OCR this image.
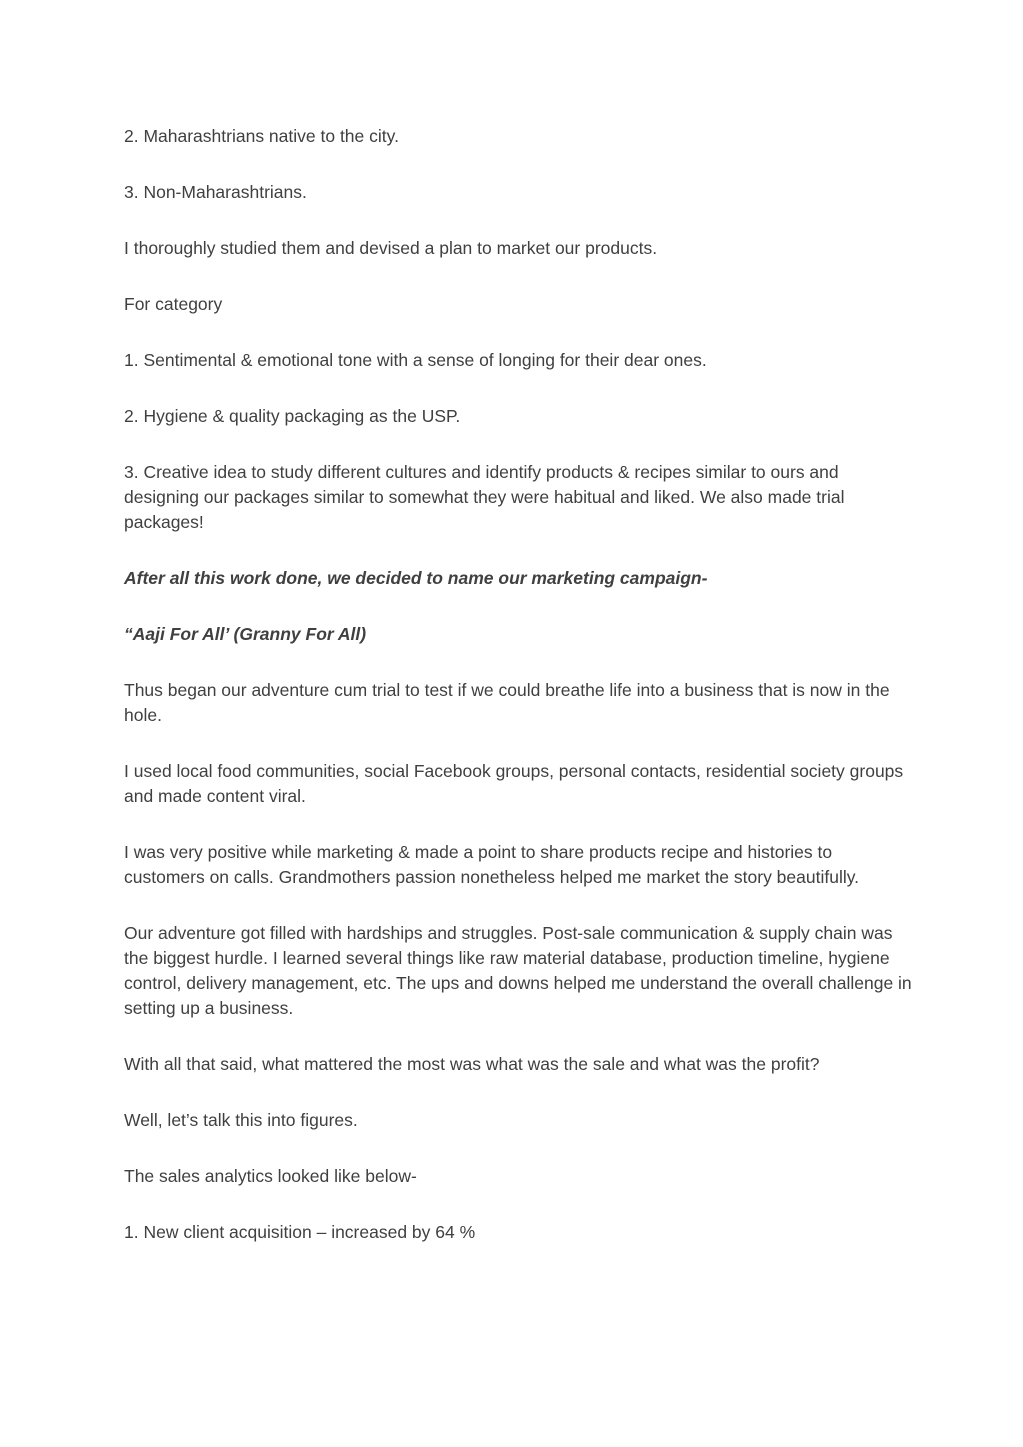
2. Maharashtrians native to the city.

3. Non-Maharashtrians.

I thoroughly studied them and devised a plan to market our products.

For category

1. Sentimental & emotional tone with a sense of longing for their dear ones.

2. Hygiene & quality packaging as the USP.

3. Creative idea to study different cultures and identify products & recipes similar to ours and designing our packages similar to somewhat they were habitual and liked. We also made trial packages!

After all this work done, we decided to name our marketing campaign-

“Aaji For All’ (Granny For All)

Thus began our adventure cum trial to test if we could breathe life into a business that is now in the hole.

I used local food communities, social Facebook groups, personal contacts, residential society groups and made content viral.

I was very positive while marketing & made a point to share products recipe and histories to customers on calls. Grandmothers passion nonetheless helped me market the story beautifully.

Our adventure got filled with hardships and struggles. Post-sale communication & supply chain was the biggest hurdle. I learned several things like raw material database, production timeline, hygiene control, delivery management, etc. The ups and downs helped me understand the overall challenge in setting up a business.

With all that said, what mattered the most was what was the sale and what was the profit?

Well, let’s talk this into figures.

The sales analytics looked like below-

1. New client acquisition – increased by 64 %
